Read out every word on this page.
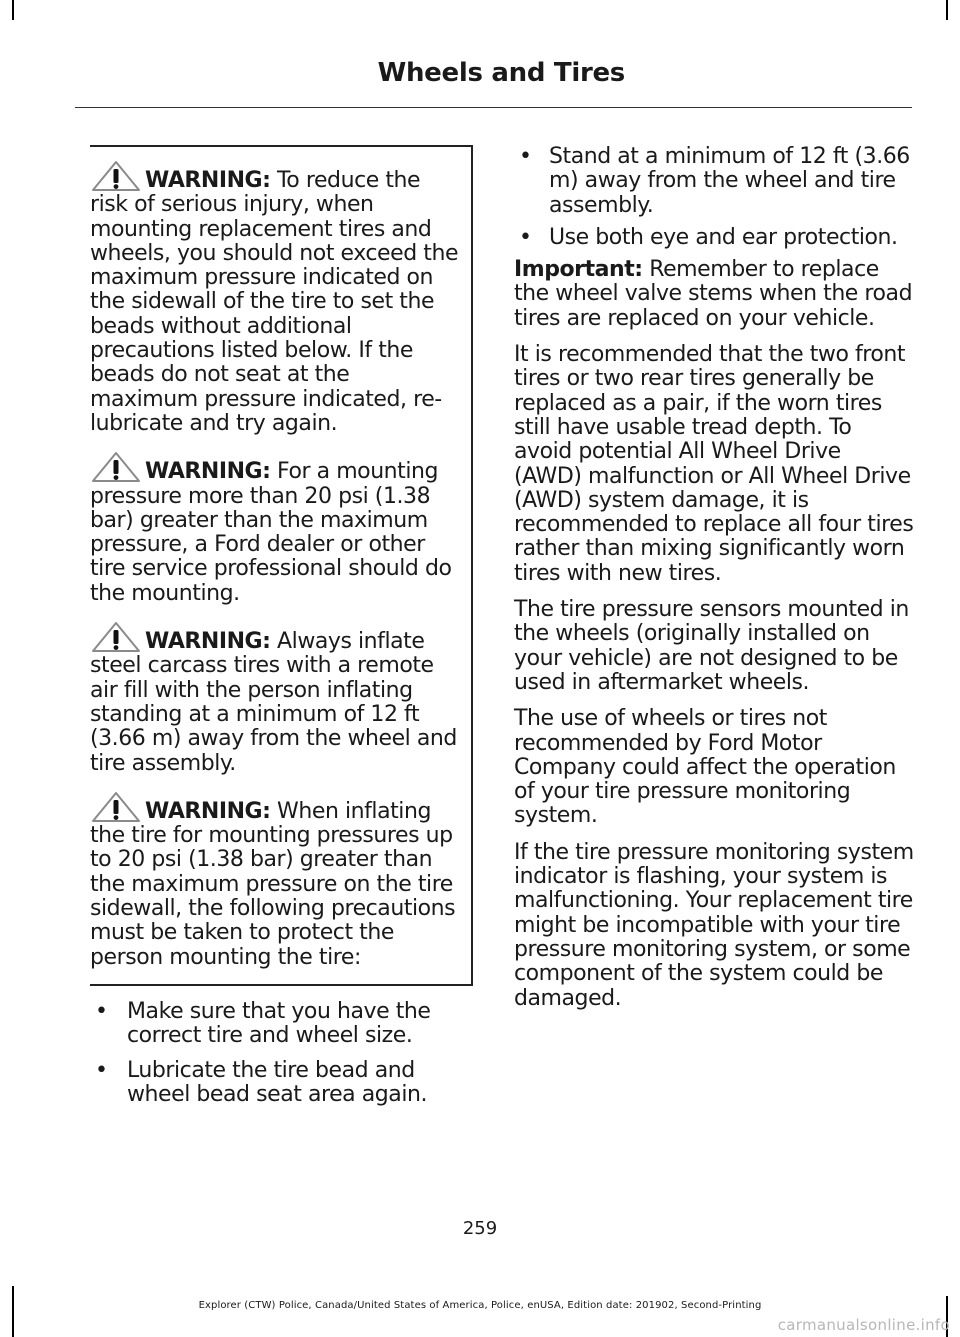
Wheels and Tires
WARNING: To reduce the risk of serious injury, when mounting replacement tires and wheels, you should not exceed the maximum pressure indicated on the sidewall of the tire to set the beads without additional precautions listed below. If the beads do not seat at the maximum pressure indicated, re-lubricate and try again.
WARNING: For a mounting pressure more than 20 psi (1.38 bar) greater than the maximum pressure, a Ford dealer or other tire service professional should do the mounting.
WARNING: Always inflate steel carcass tires with a remote air fill with the person inflating standing at a minimum of 12 ft (3.66 m) away from the wheel and tire assembly.
WARNING: When inflating the tire for mounting pressures up to 20 psi (1.38 bar) greater than the maximum pressure on the tire sidewall, the following precautions must be taken to protect the person mounting the tire:
• Make sure that you have the correct tire and wheel size.
• Lubricate the tire bead and wheel bead seat area again.
• Stand at a minimum of 12 ft (3.66 m) away from the wheel and tire assembly.
• Use both eye and ear protection.

Important: Remember to replace the wheel valve stems when the road tires are replaced on your vehicle.

It is recommended that the two front tires or two rear tires generally be replaced as a pair, if the worn tires still have usable tread depth. To avoid potential All Wheel Drive (AWD) malfunction or All Wheel Drive (AWD) system damage, it is recommended to replace all four tires rather than mixing significantly worn tires with new tires.

The tire pressure sensors mounted in the wheels (originally installed on your vehicle) are not designed to be used in aftermarket wheels.

The use of wheels or tires not recommended by Ford Motor Company could affect the operation of your tire pressure monitoring system.

If the tire pressure monitoring system indicator is flashing, your system is malfunctioning. Your replacement tire might be incompatible with your tire pressure monitoring system, or some component of the system could be damaged.

259
Explorer (CTW) Police, Canada/United States of America, Police, enUSA, Edition date: 201902, Second-Printing
carmanualsonline.info
